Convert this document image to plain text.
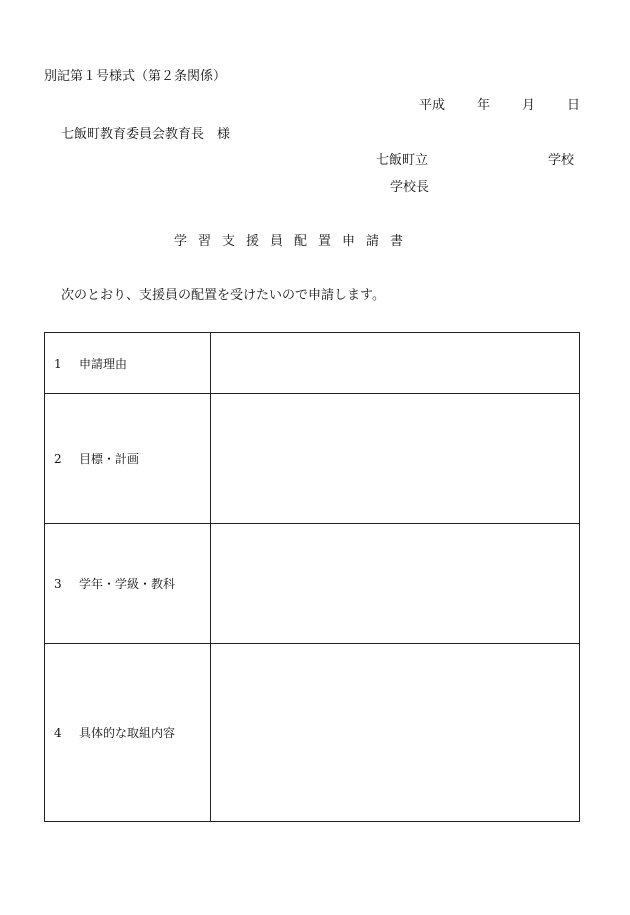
別記第１号様式（第２条関係）
平成 年 月 日
七飯町教育委員会教育長　様
七飯町立	学校
学校長
学習支援員配置申請書
次のとおり、支援員の配置を受けたいので申請します。
1 申請理由	
2 目標・計画	
3 学年・学級・教科	
4 具体的な取組内容	
